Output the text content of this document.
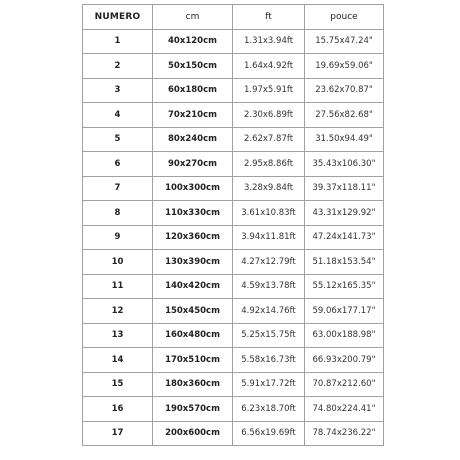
NUMERO	cm	ft	pouce
1	40x120cm	1.31x3.94ft	15.75x47.24"
2	50x150cm	1.64x4.92ft	19.69x59.06"
3	60x180cm	1.97x5.91ft	23.62x70.87"
4	70x210cm	2.30x6.89ft	27.56x82.68"
5	80x240cm	2.62x7.87ft	31.50x94.49"
6	90x270cm	2.95x8.86ft	35.43x106.30"
7	100x300cm	3.28x9.84ft	39.37x118.11"
8	110x330cm	3.61x10.83ft	43.31x129.92"
9	120x360cm	3.94x11.81ft	47.24x141.73"
10	130x390cm	4.27x12.79ft	51.18x153.54"
11	140x420cm	4.59x13.78ft	55.12x165.35"
12	150x450cm	4.92x14.76ft	59.06x177.17"
13	160x480cm	5.25x15.75ft	63.00x188.98"
14	170x510cm	5.58x16.73ft	66.93x200.79"
15	180x360cm	5.91x17.72ft	70.87x212.60"
16	190x570cm	6.23x18.70ft	74.80x224.41"
17	200x600cm	6.56x19.69ft	78.74x236.22"
